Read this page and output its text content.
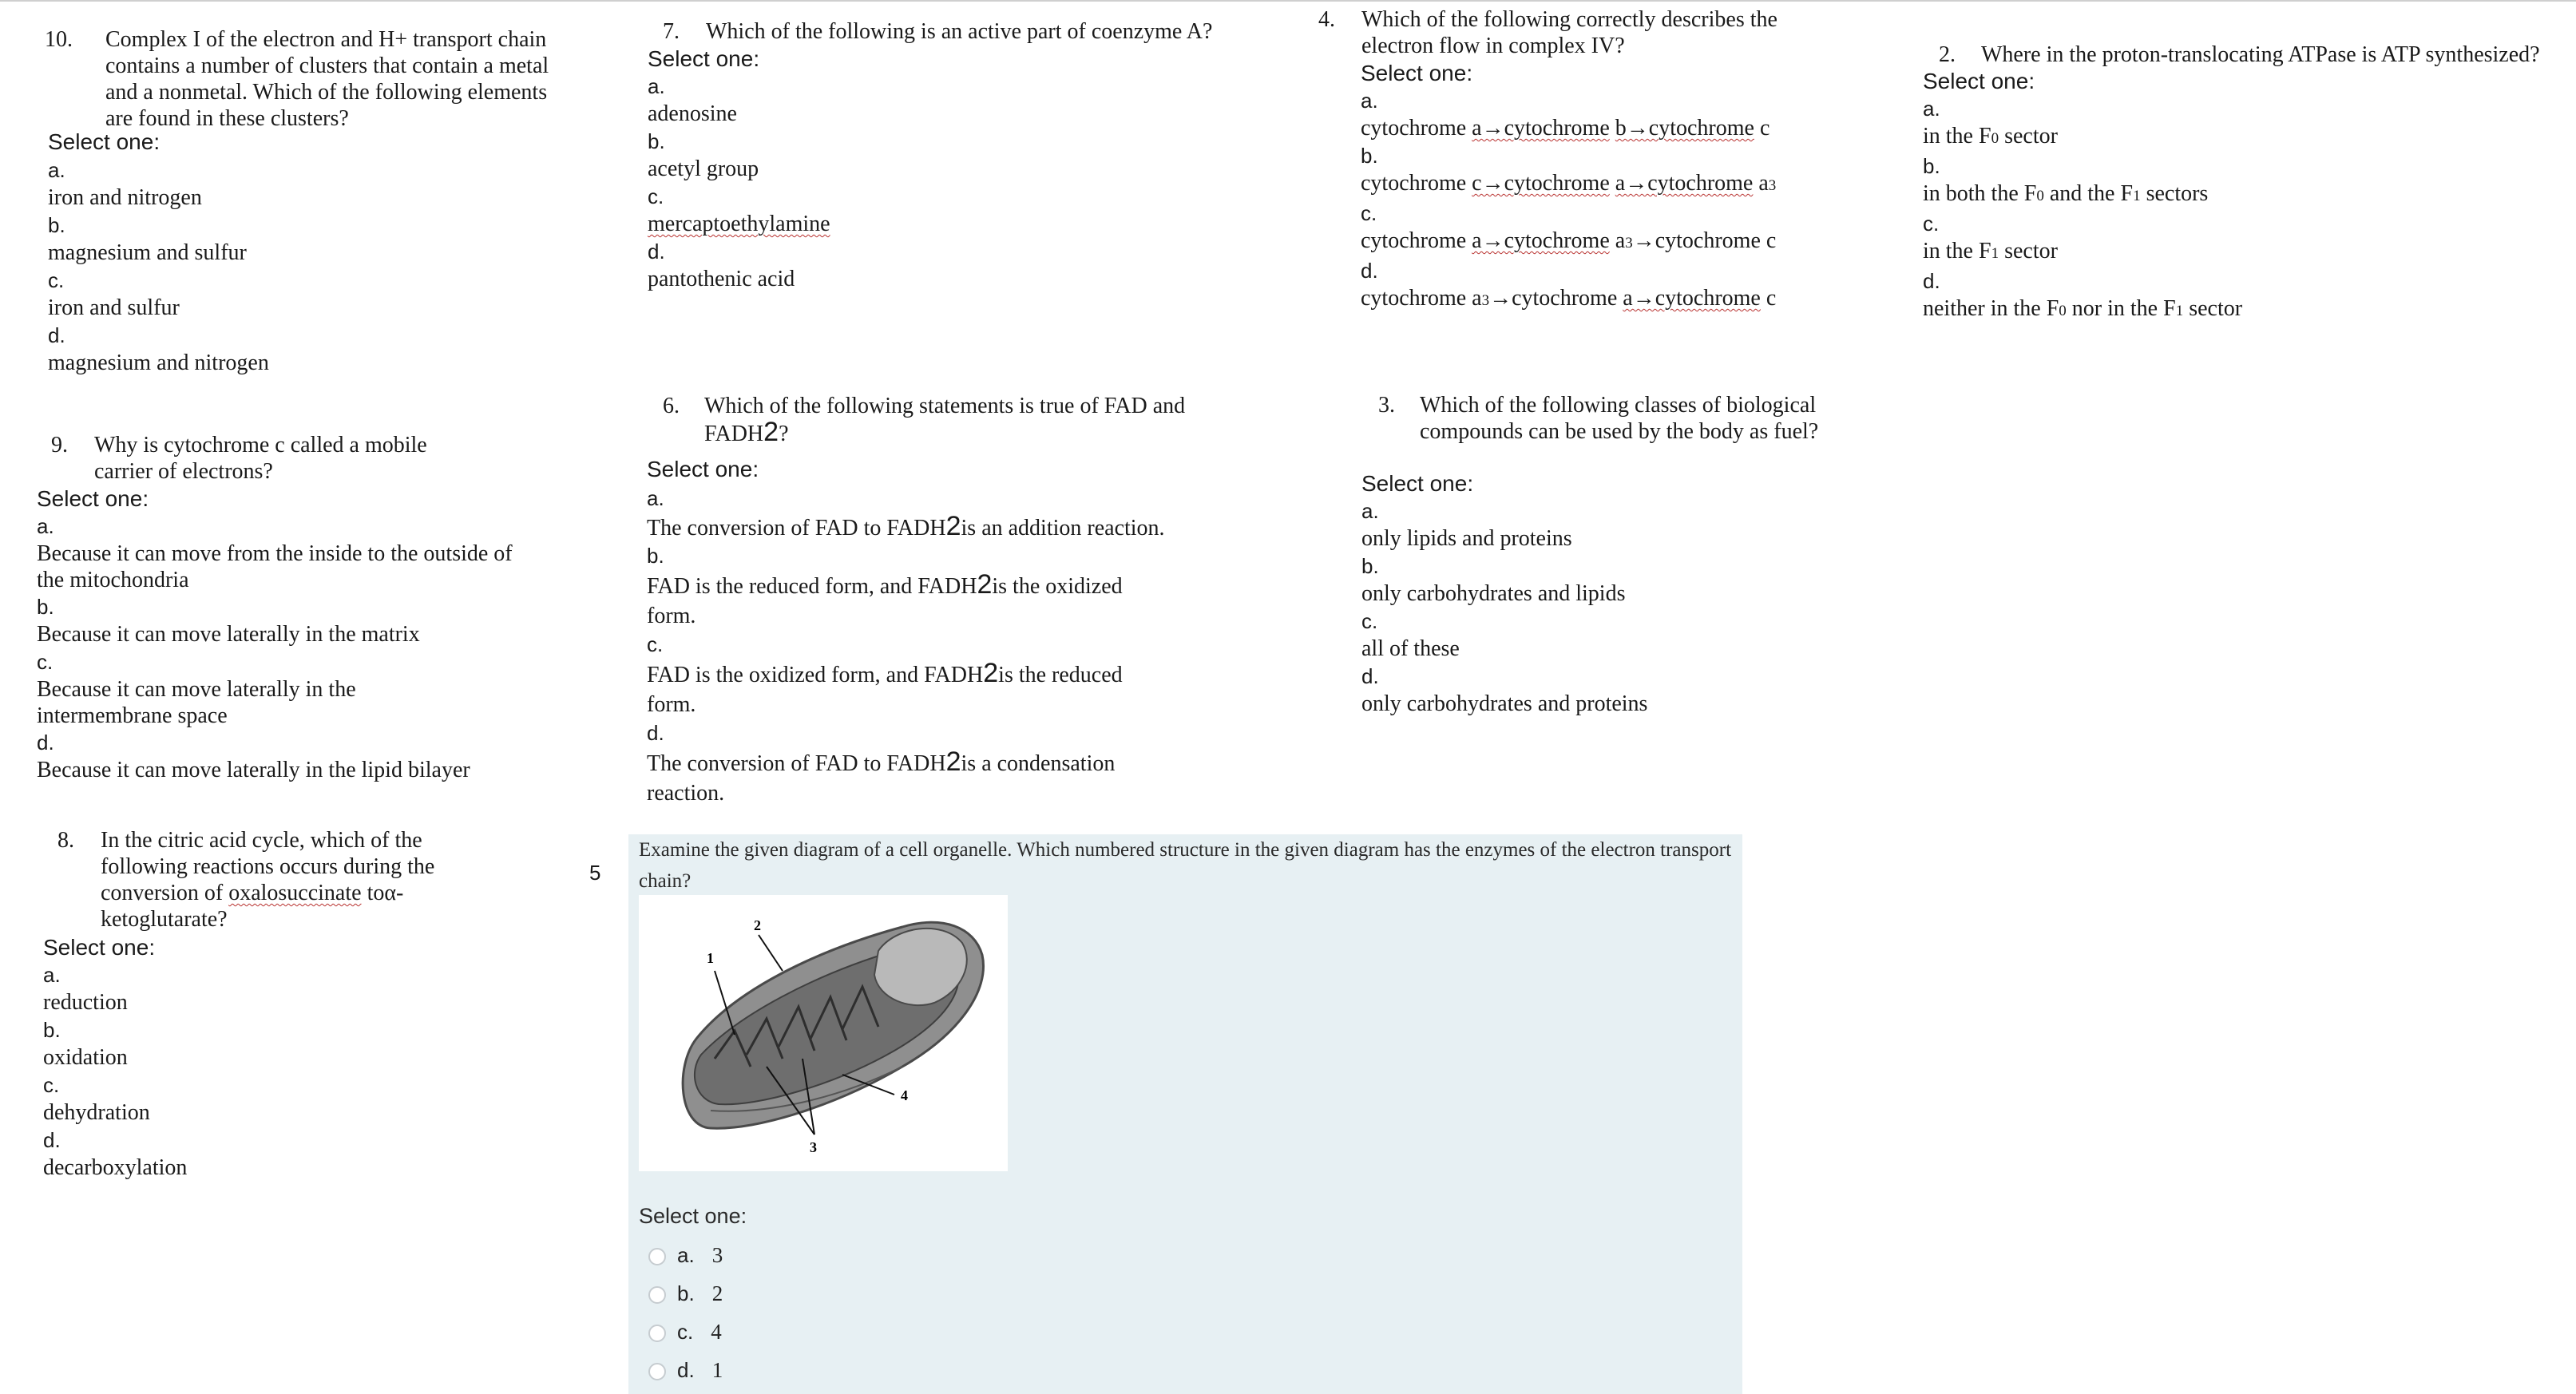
10.	Complex I of the electron and H+ transport chain contains a number of clusters that contain a metal and a nonmetal. Which of the following elements are found in these clusters?
Select one:
a.
iron and nitrogen
b.
magnesium and sulfur
c.
iron and sulfur
d.
magnesium and nitrogen
9.	Why is cytochrome c called a mobile carrier of electrons?
Select one:
a.
Because it can move from the inside to the outside of the mitochondria
b.
Because it can move laterally in the matrix
c.
Because it can move laterally in the intermembrane space
d.
Because it can move laterally in the lipid bilayer
8.	In the citric acid cycle, which of the following reactions occurs during the conversion of oxalosuccinate toα-ketoglutarate?
Select one:
a.
reduction
b.
oxidation
c.
dehydration
d.
decarboxylation
7.	Which of the following is an active part of coenzyme A?
Select one:
a.
adenosine
b.
acetyl group
c.
mercaptoethylamine
d.
pantothenic acid
6.	Which of the following statements is true of FAD and FADH2?
Select one:
a.
The conversion of FAD to FADH2is an addition reaction.
b.
FAD is the reduced form, and FADH2is the oxidized form.
c.
FAD is the oxidized form, and FADH2is the reduced form.
d.
The conversion of FAD to FADH2is a condensation reaction.
5
Examine the given diagram of a cell organelle. Which numbered structure in the given diagram has the enzymes of the electron transport chain?
1
2
3
4
Select one:
a. 3
b. 2
c. 4
d. 1
4.	Which of the following correctly describes the electron flow in complex IV?
Select one:
a.
cytochrome a→cytochrome b→cytochrome c
b.
cytochrome c→cytochrome a→cytochrome a3
c.
cytochrome a→cytochrome a3→cytochrome c
d.
cytochrome a3→cytochrome a→cytochrome c
3.	Which of the following classes of biological compounds can be used by the body as fuel?
Select one:
a.
only lipids and proteins
b.
only carbohydrates and lipids
c.
all of these
d.
only carbohydrates and proteins
2.	Where in the proton-translocating ATPase is ATP synthesized?
Select one:
a.
in the F0 sector
b.
in both the F0 and the F1 sectors
c.
in the F1 sector
d.
neither in the F0 nor in the F1 sector
